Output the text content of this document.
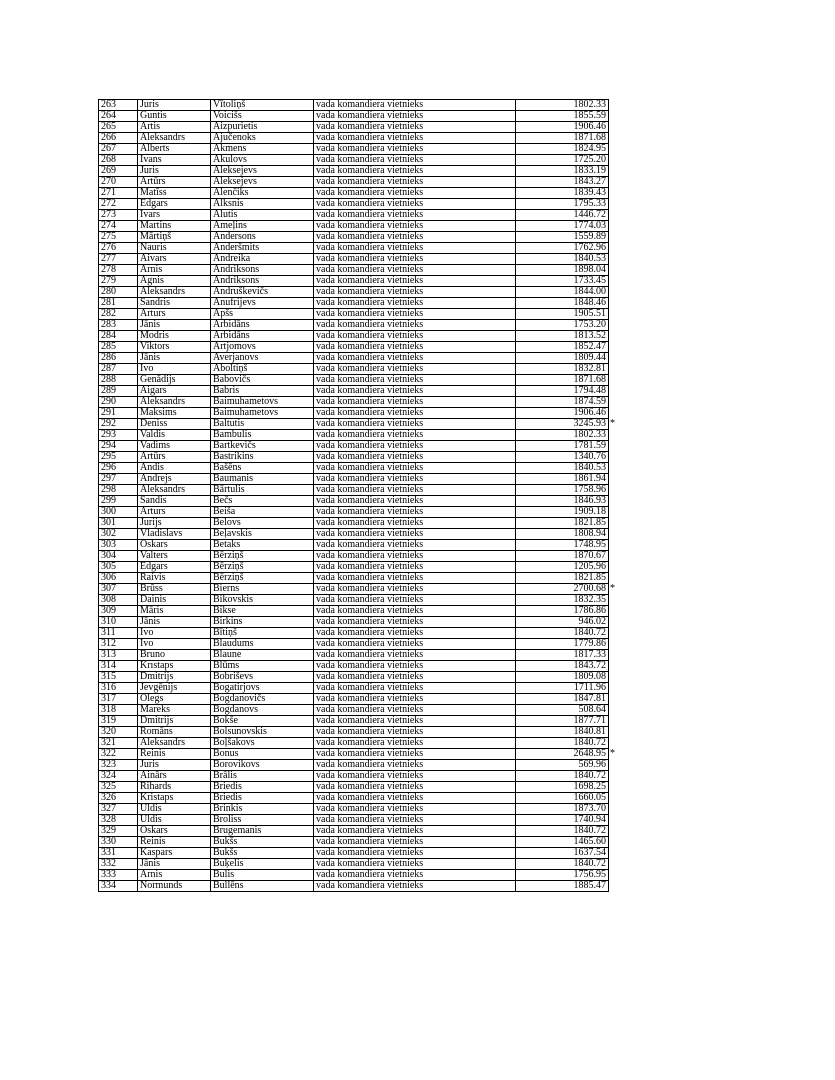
263	Juris	Vītoliņš	vada komandiera vietnieks	1802.33

264	Guntis	Voicišs	vada komandiera vietnieks	1855.59

265	Artis	Aizpurietis	vada komandiera vietnieks	1906.46

266	Aleksandrs	Ajučenoks	vada komandiera vietnieks	1871.68

267	Alberts	Akmens	vada komandiera vietnieks	1824.95

268	Ivans	Akulovs	vada komandiera vietnieks	1725.20

269	Juris	Aleksejevs	vada komandiera vietnieks	1833.19

270	Artūrs	Aleksejevs	vada komandiera vietnieks	1843.27

271	Matīss	Alenčiks	vada komandiera vietnieks	1839.43

272	Edgars	Alksnis	vada komandiera vietnieks	1795.33

273	Ivars	Alutis	vada komandiera vietnieks	1446.72

274	Martins	Ameļins	vada komandiera vietnieks	1774.03

275	Mārtiņš	Andersons	vada komandiera vietnieks	1559.89

276	Nauris	Anderšmits	vada komandiera vietnieks	1762.96

277	Aivars	Andreika	vada komandiera vietnieks	1840.53

278	Arnis	Andriksons	vada komandiera vietnieks	1898.04

279	Agnis	Andriksons	vada komandiera vietnieks	1733.45

280	Aleksandrs	Andruškevičs	vada komandiera vietnieks	1844.00

281	Sandris	Anufrijevs	vada komandiera vietnieks	1848.46

282	Arturs	Apšs	vada komandiera vietnieks	1905.51

283	Jānis	Arbidāns	vada komandiera vietnieks	1753.20

284	Modris	Arbidāns	vada komandiera vietnieks	1813.52

285	Viktors	Artjomovs	vada komandiera vietnieks	1852.47

286	Jānis	Averjanovs	vada komandiera vietnieks	1809.44

287	Ivo	Āboltiņš	vada komandiera vietnieks	1832.81

288	Genādijs	Babovičs	vada komandiera vietnieks	1871.68

289	Aigars	Babris	vada komandiera vietnieks	1794.48

290	Aleksandrs	Baimuhametovs	vada komandiera vietnieks	1874.59

291	Maksims	Baimuhametovs	vada komandiera vietnieks	1906.46

292	Deniss	Baltutis	vada komandiera vietnieks	3245.93 *

293	Valdis	Bambulis	vada komandiera vietnieks	1802.33

294	Vadims	Bartkevičs	vada komandiera vietnieks	1781.59

295	Artūrs	Bastrikins	vada komandiera vietnieks	1340.76

296	Andis	Bašēns	vada komandiera vietnieks	1840.53

297	Andrejs	Baumanis	vada komandiera vietnieks	1861.94

298	Aleksandrs	Bārtulis	vada komandiera vietnieks	1758.96

299	Sandis	Bečs	vada komandiera vietnieks	1846.93

300	Arturs	Beiša	vada komandiera vietnieks	1909.18

301	Jurijs	Belovs	vada komandiera vietnieks	1821.85

302	Vladislavs	Beļavskis	vada komandiera vietnieks	1808.94

303	Oskars	Betaks	vada komandiera vietnieks	1748.95

304	Valters	Bērziņš	vada komandiera vietnieks	1870.67

305	Edgars	Bērziņš	vada komandiera vietnieks	1205.96

306	Raivis	Bērziņš	vada komandiera vietnieks	1821.85

307	Brūss	Bierns	vada komandiera vietnieks	2700.68 *

308	Dainis	Bikovskis	vada komandiera vietnieks	1832.35

309	Māris	Bikse	vada komandiera vietnieks	1786.86

310	Jānis	Birkins	vada komandiera vietnieks	946.02

311	Ivo	Bītiņš	vada komandiera vietnieks	1840.72

312	Ivo	Blaudums	vada komandiera vietnieks	1779.86

313	Bruno	Blaune	vada komandiera vietnieks	1817.33

314	Krıstaps	Blūms	vada komandiera vietnieks	1843.72

315	Dmitrijs	Bobriševs	vada komandiera vietnieks	1809.08

316	Jevgēnijs	Bogatirjovs	vada komandiera vietnieks	1711.96

317	Olegs	Bogdanovičs	vada komandiera vietnieks	1847.81

318	Mareks	Bogdanovs	vada komandiera vietnieks	508.64

319	Dmitrijs	Bokše	vada komandiera vietnieks	1877.71

320	Romāns	Bolsunovskis	vada komandiera vietnieks	1840.81

321	Aleksandrs	Boļšakovs	vada komandiera vietnieks	1840.72

322	Reinis	Bonus	vada komandiera vietnieks	2648.95 *

323	Juris	Borovikovs	vada komandiera vietnieks	569.96

324	Ainārs	Brālis	vada komandiera vietnieks	1840.72

325	Rihards	Briedis	vada komandiera vietnieks	1698.25

326	Kristaps	Briedis	vada komandiera vietnieks	1660.05

327	Uldis	Brinkis	vada komandiera vietnieks	1873.70

328	Uldis	Broliss	vada komandiera vietnieks	1740.94

329	Oskars	Brugemanis	vada komandiera vietnieks	1840.72

330	Reinis	Bukšs	vada komandiera vietnieks	1465.60

331	Kaspars	Bukšs	vada komandiera vietnieks	1637.54

332	Jānis	Buķelis	vada komandiera vietnieks	1840.72

333	Arnis	Bulis	vada komandiera vietnieks	1756.95

334	Normunds	Bullēns	vada komandiera vietnieks	1885.47
